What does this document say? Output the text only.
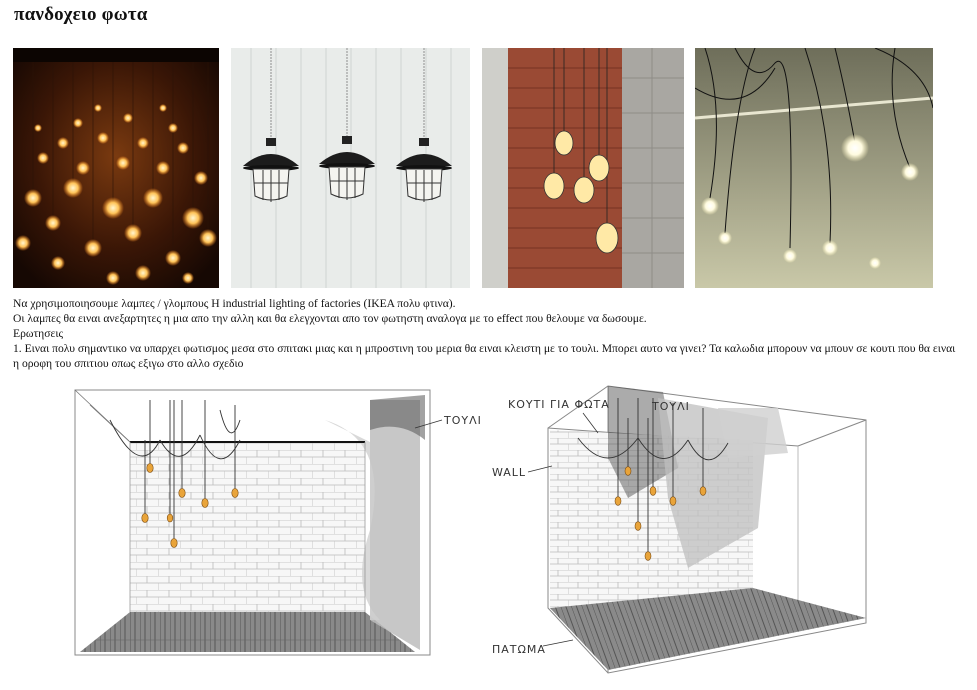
πανδοχειο φωτα

Να χρησιμοποιησουμε λαμπες / γλομπους Η industrial lighting of factories (IKEA πολυ φτινα).

Οι λαμπες θα ειναι ανεξαρτητες η μια απο την αλλη και θα ελεγχονται απο τον φωτηστη αναλογα με το effect που θελουμε να δωσουμε.

Ερωτησεις

1. Ειναι πολυ σημαντικο να υπαρχει φωτισμος μεσα στο σπιτακι μιας και η μπροστινη του μερια θα ειναι κλειστη με το τουλι. Μπορει αυτο να γινει? Τα καλωδια μπορουν να μπουν σε κουτι που θα ειναι

η οροφη του σπιτιου οπως εξιγω στο αλλο σχεδιο

ΤΟΥΛΙ
ΚΟΥΤΙ ΓΙΑ ΦΩΤΑ	ΤΟΥΛΙ
WALL
ΠΑΤΩΜΑ
